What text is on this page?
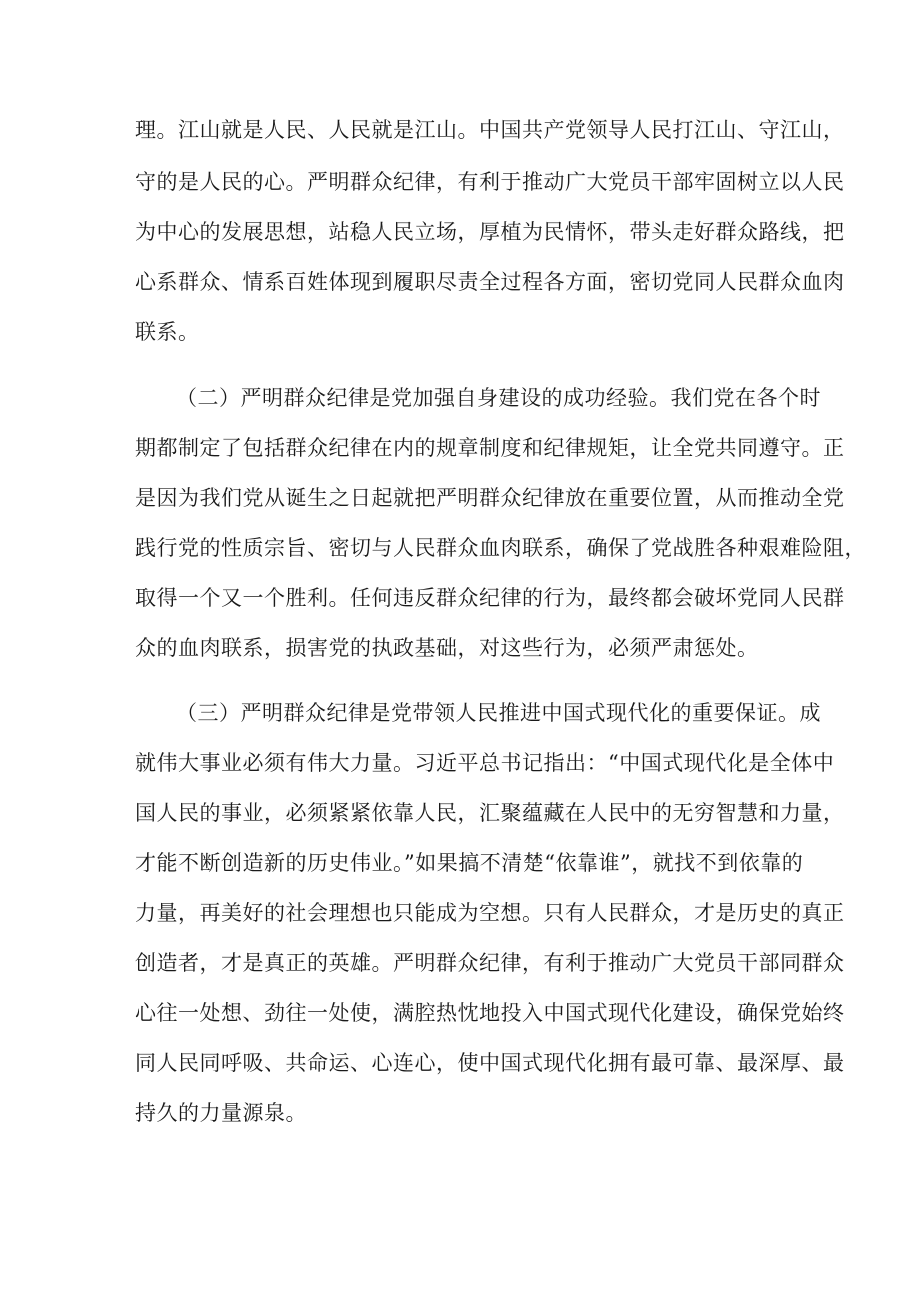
理。江山就是人民、人民就是江山。中国共产党领导人民打江山、守江山，
守的是人民的心。严明群众纪律，有利于推动广大党员干部牢固树立以人民
为中心的发展思想，站稳人民立场，厚植为民情怀，带头走好群众路线，把
心系群众、情系百姓体现到履职尽责全过程各方面，密切党同人民群众血肉
联系。
（二）严明群众纪律是党加强自身建设的成功经验。我们党在各个时
期都制定了包括群众纪律在内的规章制度和纪律规矩，让全党共同遵守。正
是因为我们党从诞生之日起就把严明群众纪律放在重要位置，从而推动全党
践行党的性质宗旨、密切与人民群众血肉联系，确保了党战胜各种艰难险阻，
取得一个又一个胜利。任何违反群众纪律的行为，最终都会破坏党同人民群
众的血肉联系，损害党的执政基础，对这些行为，必须严肃惩处。
（三）严明群众纪律是党带领人民推进中国式现代化的重要保证。成
就伟大事业必须有伟大力量。习近平总书记指出：“中国式现代化是全体中
国人民的事业，必须紧紧依靠人民，汇聚蕴藏在人民中的无穷智慧和力量，
才能不断创造新的历史伟业。”如果搞不清楚“依靠谁”，就找不到依靠的
力量，再美好的社会理想也只能成为空想。只有人民群众，才是历史的真正
创造者，才是真正的英雄。严明群众纪律，有利于推动广大党员干部同群众
心往一处想、劲往一处使，满腔热忱地投入中国式现代化建设，确保党始终
同人民同呼吸、共命运、心连心，使中国式现代化拥有最可靠、最深厚、最
持久的力量源泉。
